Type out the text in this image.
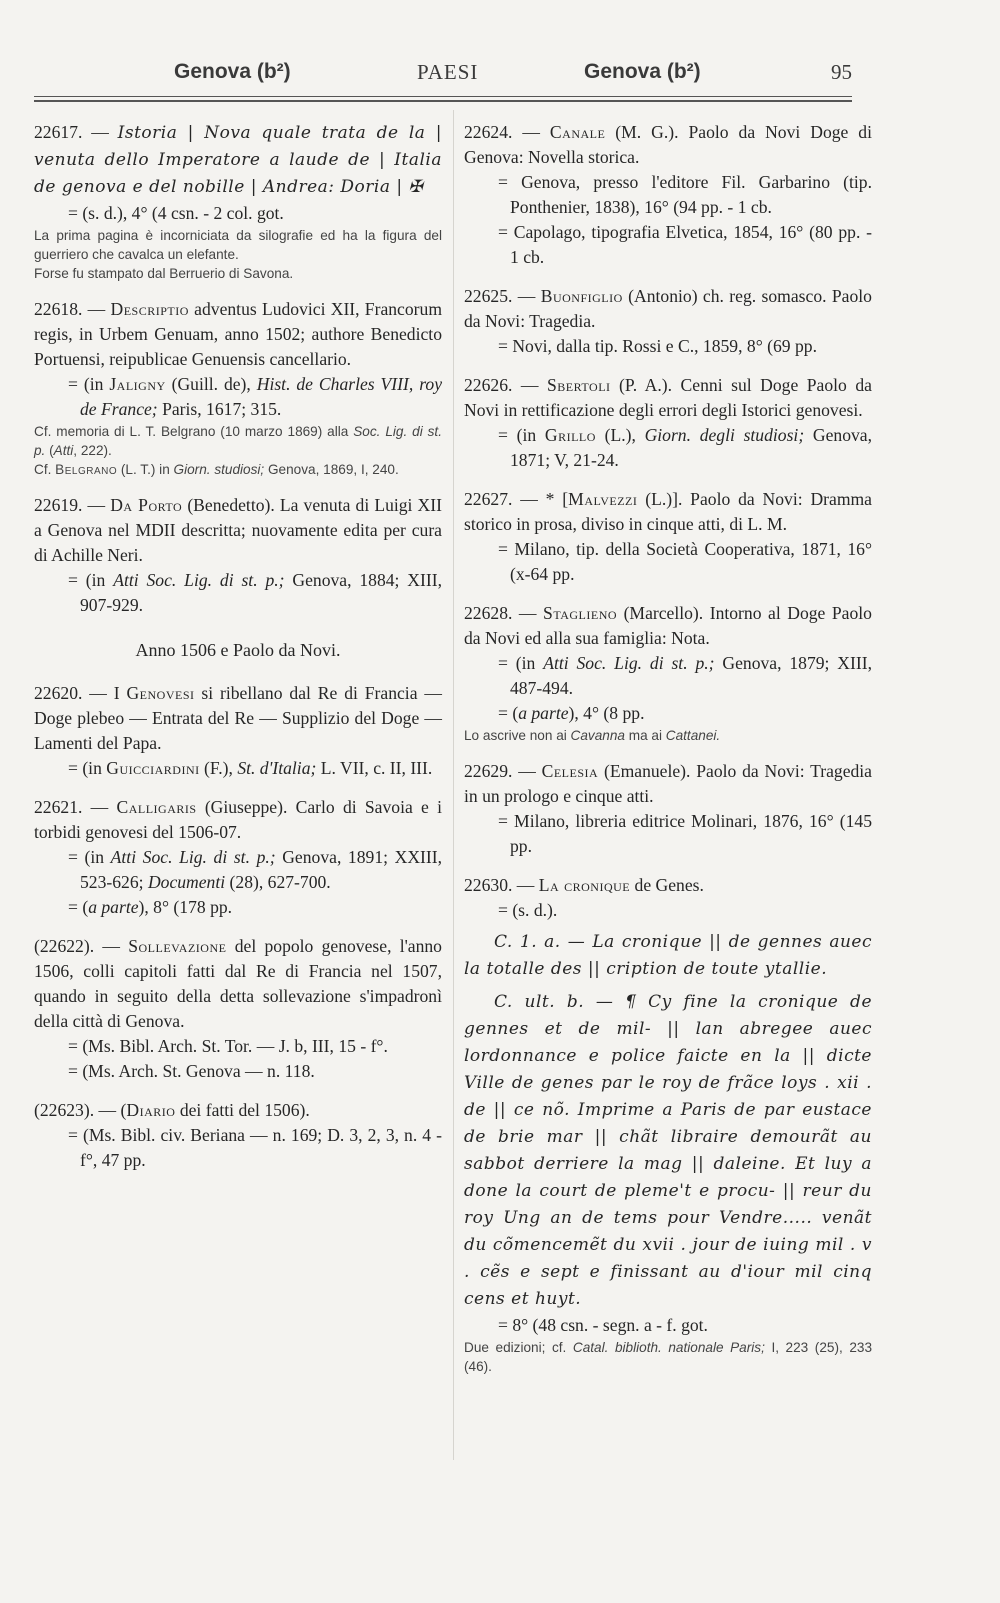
Genova (b²)	PAESI	Genova (b²)	95

22617. — Istoria | Nova quale trata de la | venuta dello Imperatore a laude de | Italia de genova e del nobille | Andrea: Doria | ✠

= (s. d.), 4° (4 csn. - 2 col. got.

La prima pagina è incorniciata da silografie ed ha la figura del guerriero che cavalca un elefante.

Forse fu stampato dal Berruerio di Savona.

22618. — Descriptio adventus Ludovici XII, Francorum regis, in Urbem Genuam, anno 1502; authore Benedicto Portuensi, reipublicae Genuensis cancellario.

= (in Jaligny (Guill. de), Hist. de Charles VIII, roy de France; Paris, 1617; 315.

Cf. memoria di L. T. Belgrano (10 marzo 1869) alla Soc. Lig. di st. p. (Atti, 222).

Cf. Belgrano (L. T.) in Giorn. studiosi; Genova, 1869, I, 240.

22619. — Da Porto (Benedetto). La venuta di Luigi XII a Genova nel MDII descritta; nuovamente edita per cura di Achille Neri.

= (in Atti Soc. Lig. di st. p.; Genova, 1884; XIII, 907-929.

Anno 1506 e Paolo da Novi.

22620. — I Genovesi si ribellano dal Re di Francia — Doge plebeo — Entrata del Re — Supplizio del Doge — Lamenti del Papa.

= (in Guicciardini (F.), St. d'Italia; L. VII, c. II, III.

22621. — Calligaris (Giuseppe). Carlo di Savoia e i torbidi genovesi del 1506-07.

= (in Atti Soc. Lig. di st. p.; Genova, 1891; XXIII, 523-626; Documenti (28), 627-700.

= (a parte), 8° (178 pp.

(22622). — Sollevazione del popolo genovese, l'anno 1506, colli capitoli fatti dal Re di Francia nel 1507, quando in seguito della detta sollevazione s'impadronì della città di Genova.

= (Ms. Bibl. Arch. St. Tor. — J. b, III, 15 - f°.

= (Ms. Arch. St. Genova — n. 118.

(22623). — (Diario dei fatti del 1506).

= (Ms. Bibl. civ. Beriana — n. 169; D. 3, 2, 3, n. 4 - f°, 47 pp.

22624. — Canale (M. G.). Paolo da Novi Doge di Genova: Novella storica.

= Genova, presso l'editore Fil. Garbarino (tip. Ponthenier, 1838), 16° (94 pp. - 1 cb.

= Capolago, tipografia Elvetica, 1854, 16° (80 pp. - 1 cb.

22625. — Buonfiglio (Antonio) ch. reg. somasco. Paolo da Novi: Tragedia.

= Novi, dalla tip. Rossi e C., 1859, 8° (69 pp.

22626. — Sbertoli (P. A.). Cenni sul Doge Paolo da Novi in rettificazione degli errori degli Istorici genovesi.

= (in Grillo (L.), Giorn. degli studiosi; Genova, 1871; V, 21-24.

22627. — * [Malvezzi (L.)]. Paolo da Novi: Dramma storico in prosa, diviso in cinque atti, di L. M.

= Milano, tip. della Società Cooperativa, 1871, 16° (x-64 pp.

22628. — Staglieno (Marcello). Intorno al Doge Paolo da Novi ed alla sua famiglia: Nota.

= (in Atti Soc. Lig. di st. p.; Genova, 1879; XIII, 487-494.

= (a parte), 4° (8 pp.

Lo ascrive non ai Cavanna ma ai Cattanei.

22629. — Celesia (Emanuele). Paolo da Novi: Tragedia in un prologo e cinque atti.

= Milano, libreria editrice Molinari, 1876, 16° (145 pp.

22630. — La cronique de Genes.

= (s. d.).

C. 1. a. — La cronique || de gennes auec la totalle des || cription de toute ytallie.

C. ult. b. — ¶ Cy fine la cronique de gennes et de mil- || lan abregee auec lordonnance e police faicte en la || dicte Ville de genes par le roy de frãce loys . xii . de || ce nõ. Imprime a Paris de par eustace de brie mar || chãt libraire demourãt au sabbot derriere la mag || daleine. Et luy a done la court de pleme't e procu- || reur du roy Ung an de tems pour Vendre..... venãt du cõmencemẽt du xvii . jour de iuing mil . v . cẽs e sept e finissant au d'iour mil cinq cens et huyt.

= 8° (48 csn. - segn. a - f. got.

Due edizioni; cf. Catal. biblioth. nationale Paris; I, 223 (25), 233 (46).
